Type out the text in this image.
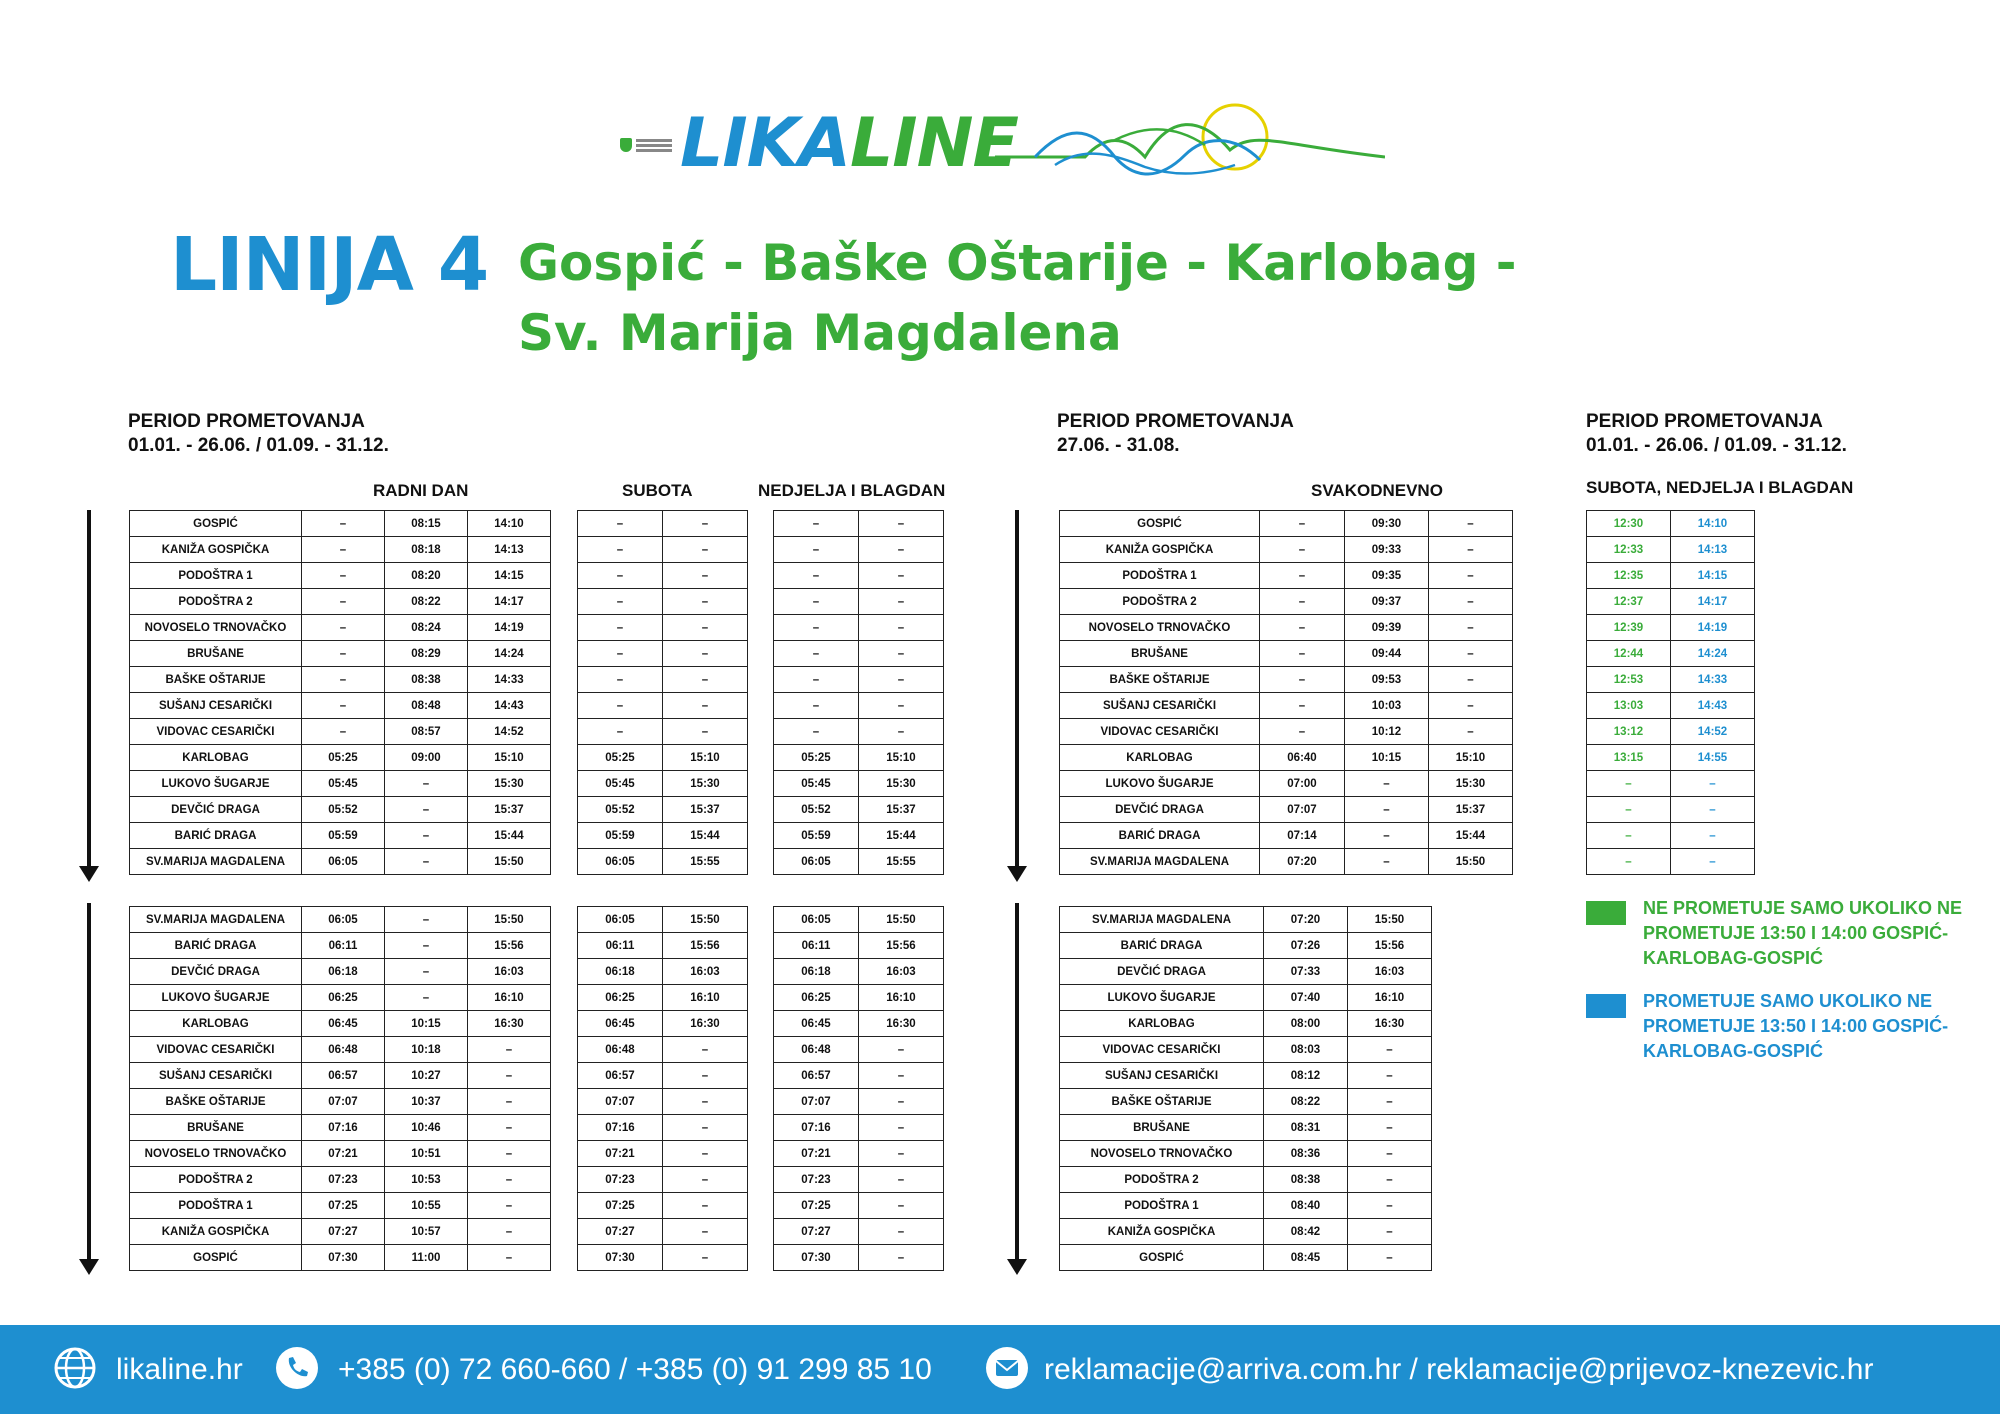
LIKALINE
LINIJA 4 Gospić - Baške Oštarije - Karlobag -
Sv. Marija Magdalena
PERIOD PROMETOVANJA
01.01. - 26.06. / 01.09. - 31.12.
PERIOD PROMETOVANJA
27.06. - 31.08.
PERIOD PROMETOVANJA
01.01. - 26.06. / 01.09. - 31.12.
RADNI DAN	SUBOTA	NEDJELJA I BLAGDAN	SVAKODNEVNO	SUBOTA, NEDJELJA I BLAGDAN
GOSPIĆ	–	08:15	14:10
KANIŽA GOSPIČKA	–	08:18	14:13
PODOŠTRA 1	–	08:20	14:15
PODOŠTRA 2	–	08:22	14:17
NOVOSELO TRNOVAČKO	–	08:24	14:19
BRUŠANE	–	08:29	14:24
BAŠKE OŠTARIJE	–	08:38	14:33
SUŠANJ CESARIČKI	–	08:48	14:43
VIDOVAC CESARIČKI	–	08:57	14:52
KARLOBAG	05:25	09:00	15:10
LUKOVO ŠUGARJE	05:45	–	15:30
DEVČIĆ DRAGA	05:52	–	15:37
BARIĆ DRAGA	05:59	–	15:44
SV.MARIJA MAGDALENA	06:05	–	15:50
–	–
–	–
–	–
–	–
–	–
–	–
–	–
–	–
–	–
05:25	15:10
05:45	15:30
05:52	15:37
05:59	15:44
06:05	15:55
–	–
–	–
–	–
–	–
–	–
–	–
–	–
–	–
–	–
05:25	15:10
05:45	15:30
05:52	15:37
05:59	15:44
06:05	15:55
GOSPIĆ	–	09:30	–
KANIŽA GOSPIČKA	–	09:33	–
PODOŠTRA 1	–	09:35	–
PODOŠTRA 2	–	09:37	–
NOVOSELO TRNOVAČKO	–	09:39	–
BRUŠANE	–	09:44	–
BAŠKE OŠTARIJE	–	09:53	–
SUŠANJ CESARIČKI	–	10:03	–
VIDOVAC CESARIČKI	–	10:12	–
KARLOBAG	06:40	10:15	15:10
LUKOVO ŠUGARJE	07:00	–	15:30
DEVČIĆ DRAGA	07:07	–	15:37
BARIĆ DRAGA	07:14	–	15:44
SV.MARIJA MAGDALENA	07:20	–	15:50
12:30	14:10
12:33	14:13
12:35	14:15
12:37	14:17
12:39	14:19
12:44	14:24
12:53	14:33
13:03	14:43
13:12	14:52
13:15	14:55
–	–
–	–
–	–
–	–
SV.MARIJA MAGDALENA	06:05	–	15:50
BARIĆ DRAGA	06:11	–	15:56
DEVČIĆ DRAGA	06:18	–	16:03
LUKOVO ŠUGARJE	06:25	–	16:10
KARLOBAG	06:45	10:15	16:30
VIDOVAC CESARIČKI	06:48	10:18	–
SUŠANJ CESARIČKI	06:57	10:27	–
BAŠKE OŠTARIJE	07:07	10:37	–
BRUŠANE	07:16	10:46	–
NOVOSELO TRNOVAČKO	07:21	10:51	–
PODOŠTRA 2	07:23	10:53	–
PODOŠTRA 1	07:25	10:55	–
KANIŽA GOSPIČKA	07:27	10:57	–
GOSPIĆ	07:30	11:00	–
06:05	15:50
06:11	15:56
06:18	16:03
06:25	16:10
06:45	16:30
06:48	–
06:57	–
07:07	–
07:16	–
07:21	–
07:23	–
07:25	–
07:27	–
07:30	–
06:05	15:50
06:11	15:56
06:18	16:03
06:25	16:10
06:45	16:30
06:48	–
06:57	–
07:07	–
07:16	–
07:21	–
07:23	–
07:25	–
07:27	–
07:30	–
SV.MARIJA MAGDALENA	07:20	15:50
BARIĆ DRAGA	07:26	15:56
DEVČIĆ DRAGA	07:33	16:03
LUKOVO ŠUGARJE	07:40	16:10
KARLOBAG	08:00	16:30
VIDOVAC CESARIČKI	08:03	–
SUŠANJ CESARIČKI	08:12	–
BAŠKE OŠTARIJE	08:22	–
BRUŠANE	08:31	–
NOVOSELO TRNOVAČKO	08:36	–
PODOŠTRA 2	08:38	–
PODOŠTRA 1	08:40	–
KANIŽA GOSPIČKA	08:42	–
GOSPIĆ	08:45	–
NE PROMETUJE SAMO UKOLIKO NE PROMETUJE 13:50 I 14:00 GOSPIĆ-KARLOBAG-GOSPIĆ
PROMETUJE SAMO UKOLIKO NE PROMETUJE 13:50 I 14:00 GOSPIĆ-KARLOBAG-GOSPIĆ
likaline.hr	+385 (0) 72 660-660 / +385 (0) 91 299 85 10	reklamacije@arriva.com.hr / reklamacije@prijevoz-knezevic.hr
